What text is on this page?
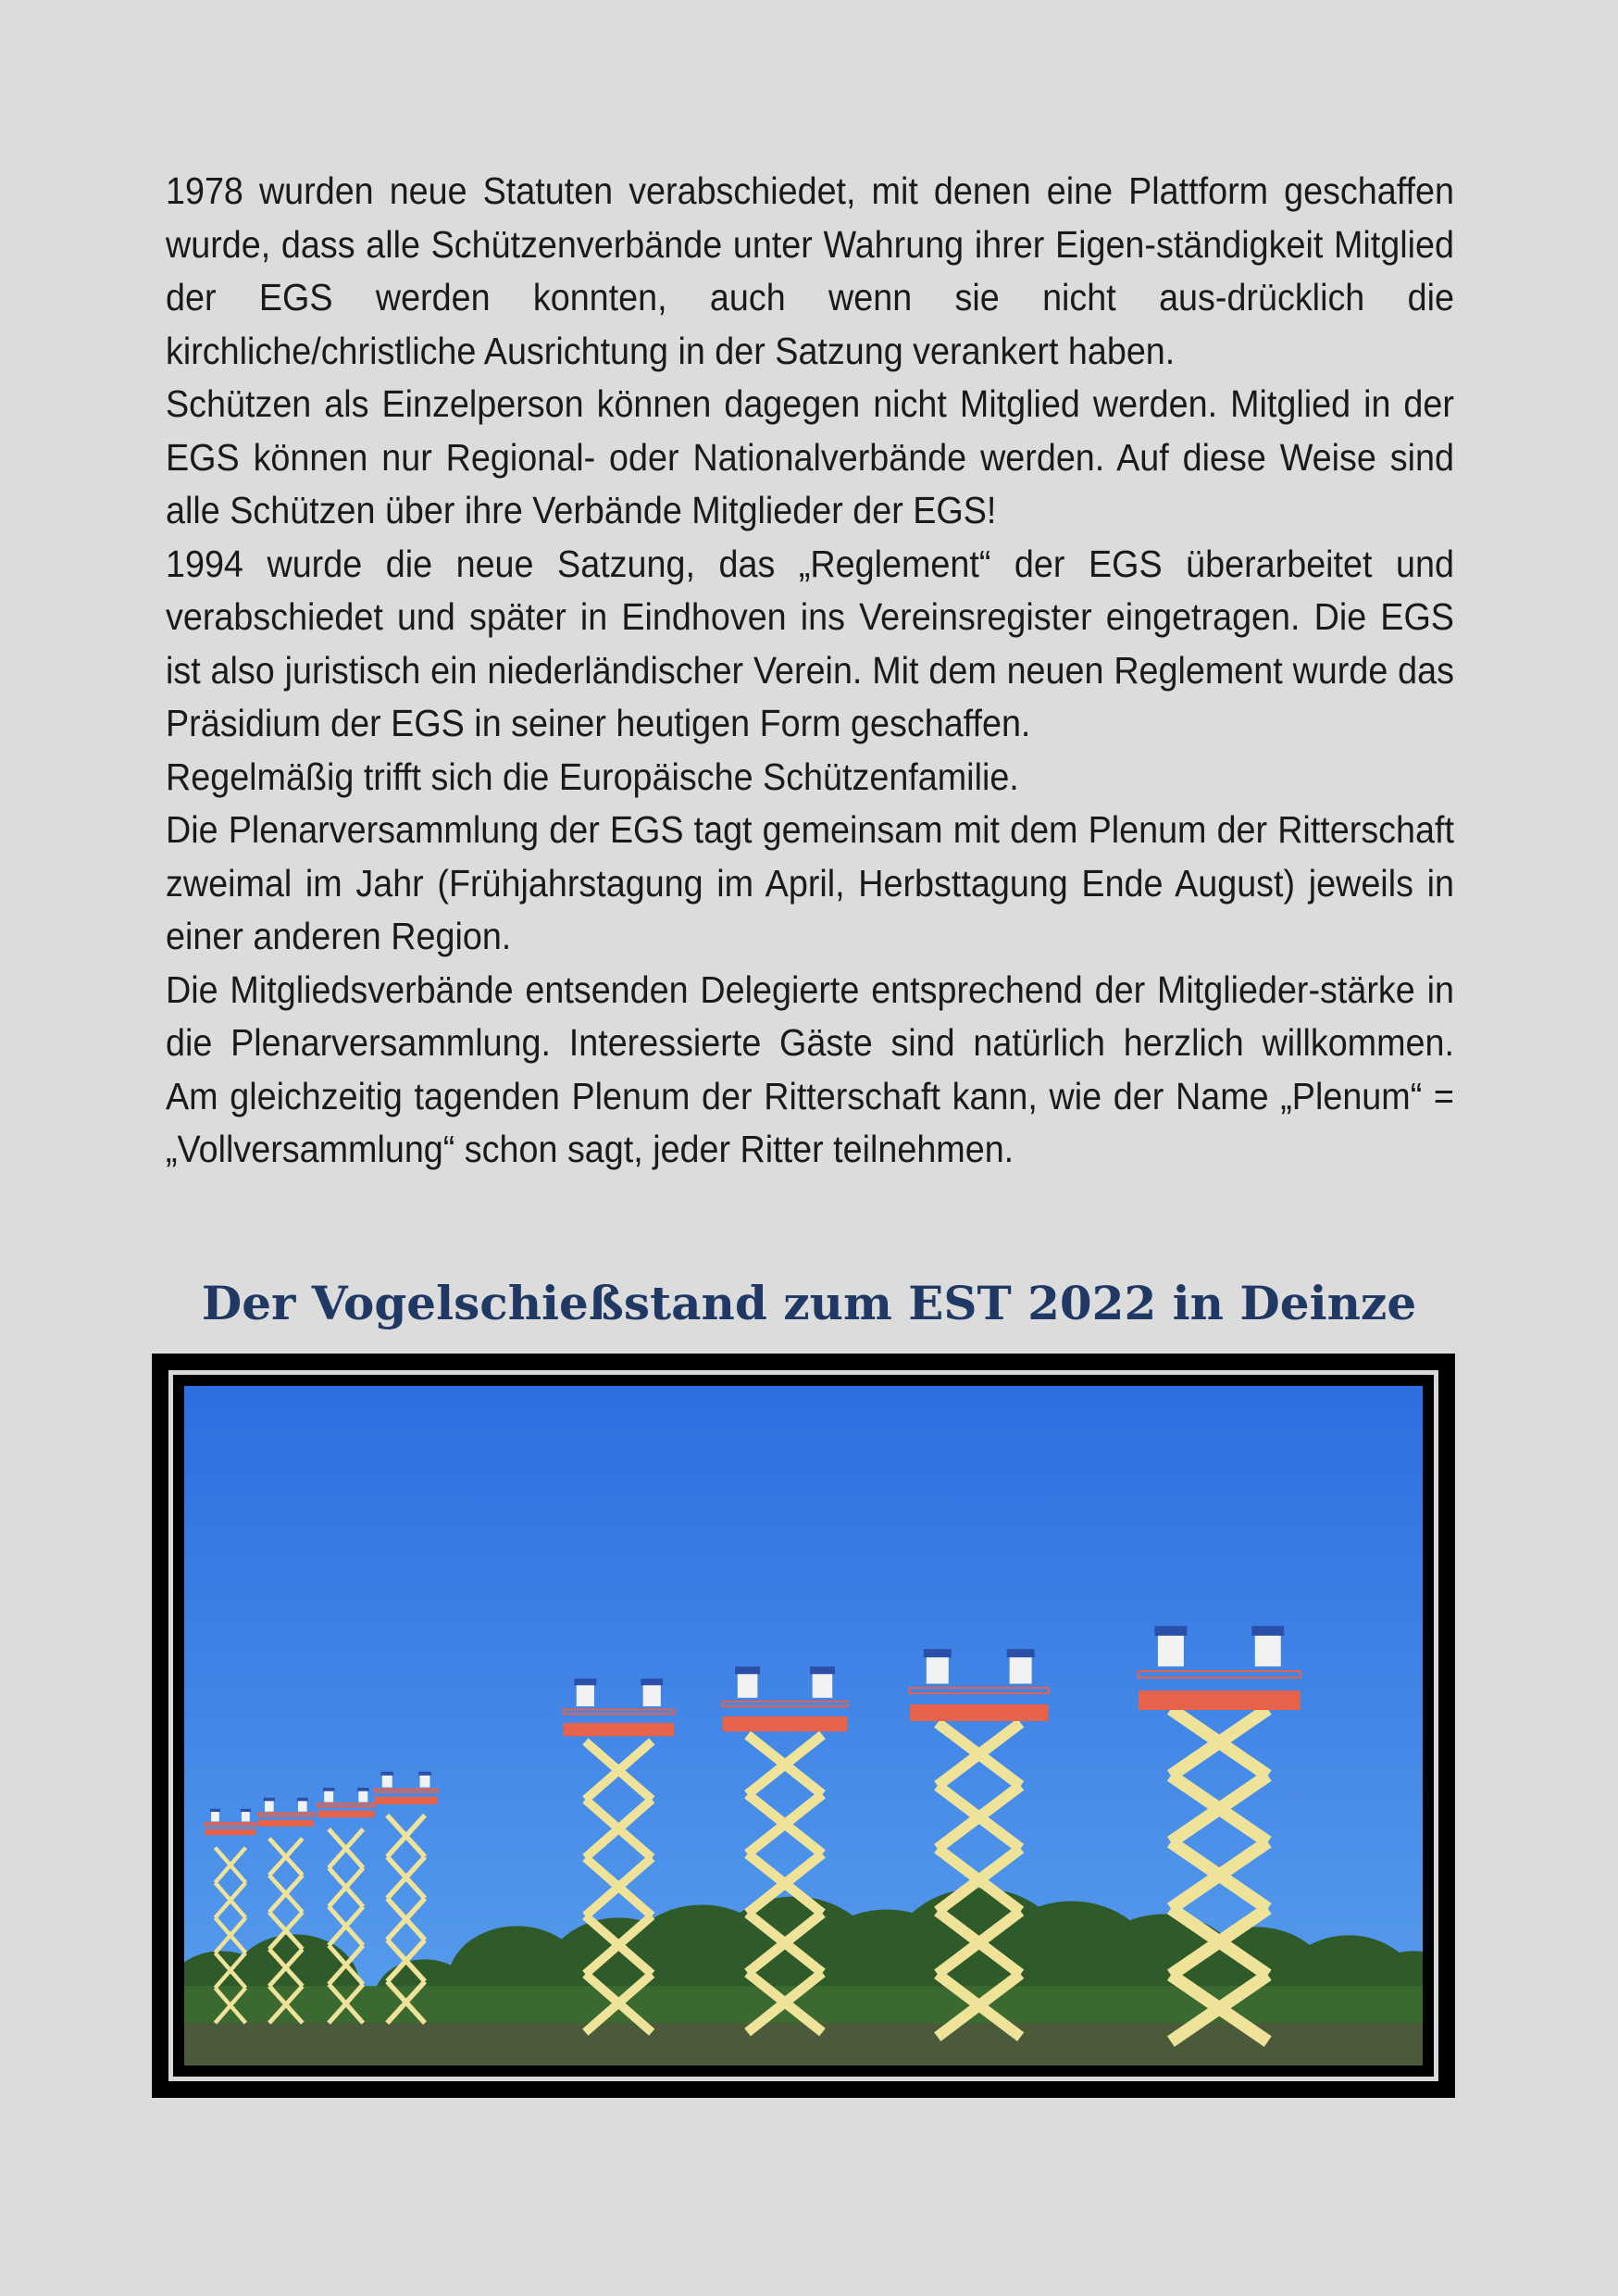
1978 wurden neue Statuten verabschiedet, mit denen eine Plattform geschaffen wurde, dass alle Schützenverbände unter Wahrung ihrer Eigen-ständigkeit Mitglied der EGS werden konnten, auch wenn sie nicht aus-drücklich die kirchliche/christliche Ausrichtung in der Satzung verankert haben.

Schützen als Einzelperson können dagegen nicht Mitglied werden. Mitglied in der EGS können nur Regional- oder Nationalverbände werden. Auf diese Weise sind alle Schützen über ihre Verbände Mitglieder der EGS!

1994 wurde die neue Satzung, das „Reglement“ der EGS überarbeitet und verabschiedet und später in Eindhoven ins Vereinsregister eingetragen. Die EGS ist also juristisch ein niederländischer Verein. Mit dem neuen Reglement wurde das Präsidium der EGS in seiner heutigen Form geschaffen.

Regelmäßig trifft sich die Europäische Schützenfamilie.

Die Plenarversammlung der EGS tagt gemeinsam mit dem Plenum der Ritterschaft zweimal im Jahr (Frühjahrstagung im April, Herbsttagung Ende August) jeweils in einer anderen Region.

Die Mitgliedsverbände entsenden Delegierte entsprechend der Mitglieder-stärke in die Plenarversammlung. Interessierte Gäste sind natürlich herzlich willkommen. Am gleichzeitig tagenden Plenum der Ritterschaft kann, wie der Name „Plenum“ = „Vollversammlung“ schon sagt, jeder Ritter teilnehmen.

Der Vogelschießstand zum EST 2022 in Deinze
